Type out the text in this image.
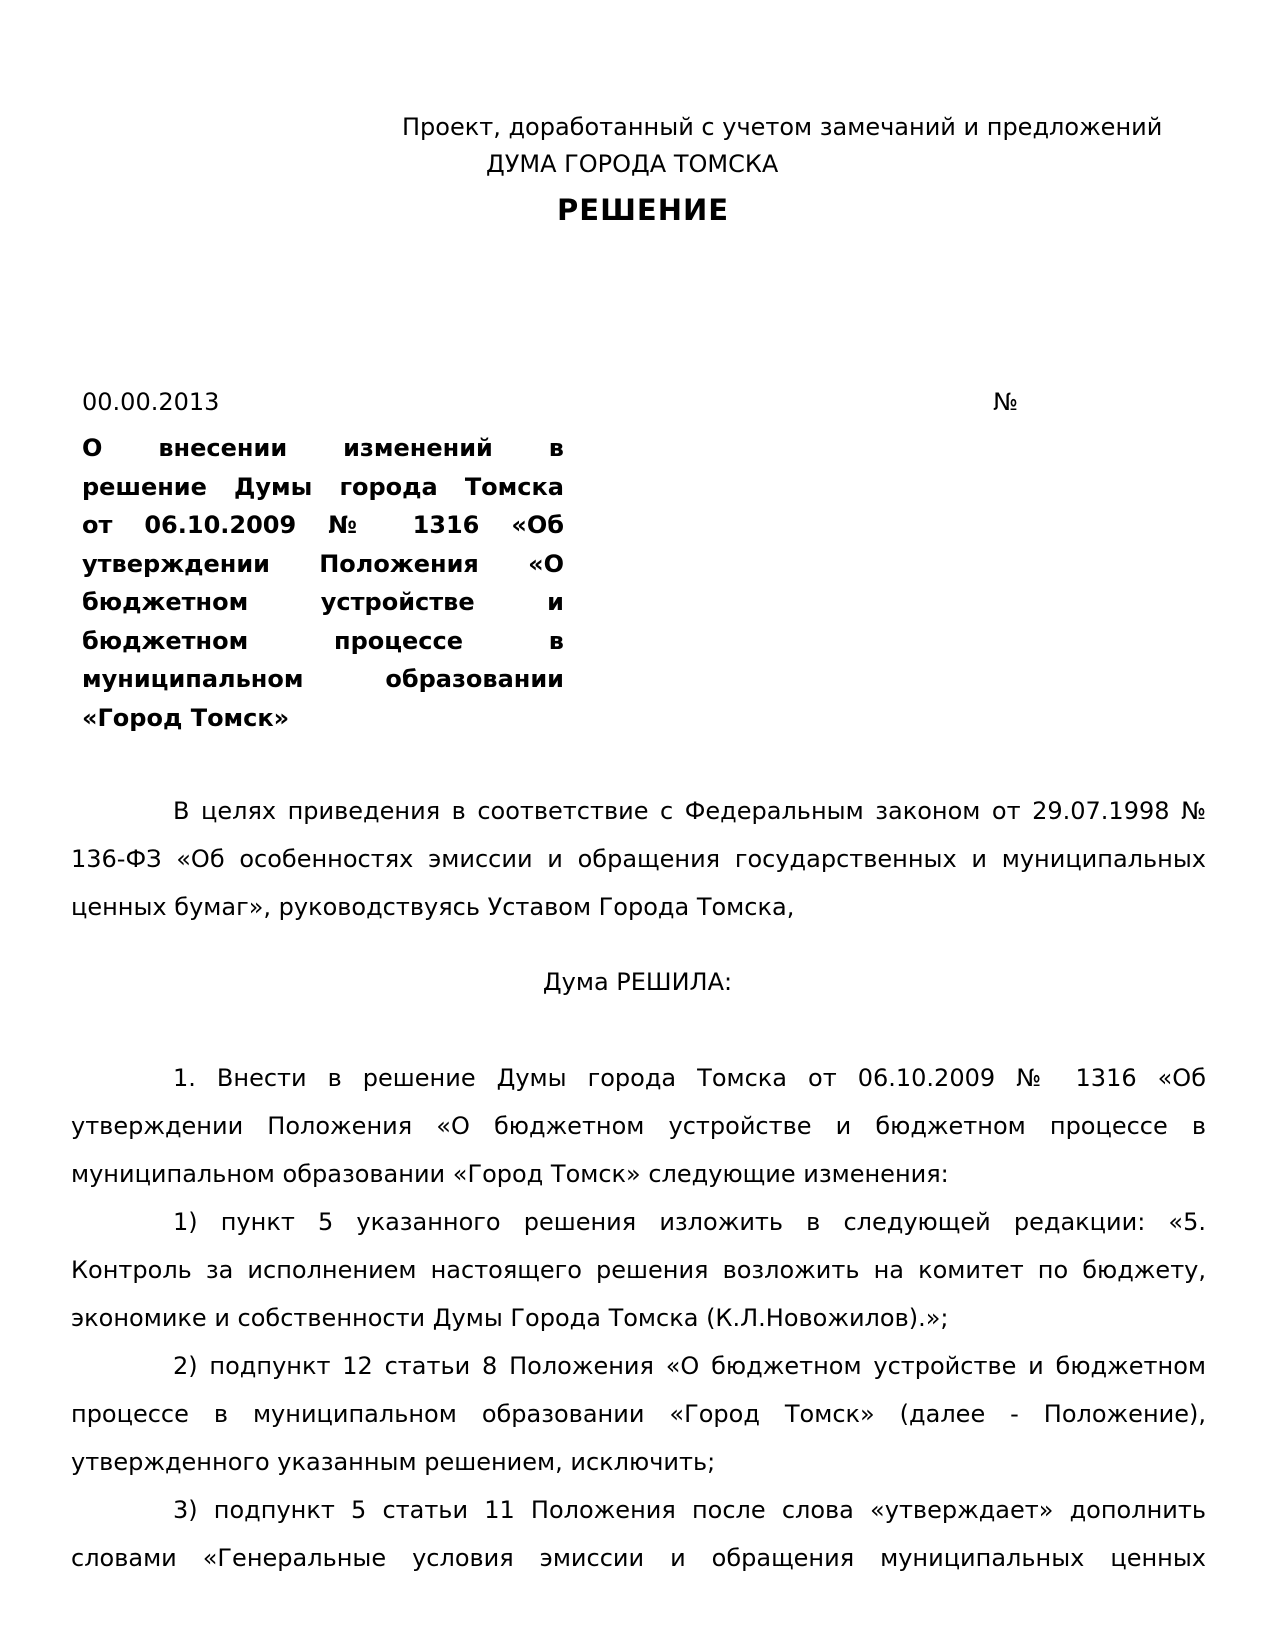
Проект, доработанный с учетом замечаний и предложений
ДУМА ГОРОДА ТОМСКА
РЕШЕНИЕ
00.00.2013	№
О внесении изменений в
решение Думы города Томска
от 06.10.2009 № 1316 «Об
утверждении Положения «О
бюджетном устройстве и
бюджетном процессе в
муниципальном образовании
«Город Томск»
В целях приведения в соответствие с Федеральным законом от 29.07.1998 №
136-ФЗ «Об особенностях эмиссии и обращения государственных и муниципальных
ценных бумаг», руководствуясь Уставом Города Томска,
Дума РЕШИЛА:
1. Внести в решение Думы города Томска от 06.10.2009 № 1316 «Об
утверждении Положения «О бюджетном устройстве и бюджетном процессе в
муниципальном образовании «Город Томск» следующие изменения:
1) пункт 5 указанного решения изложить в следующей редакции: «5.
Контроль за исполнением настоящего решения возложить на комитет по бюджету,
экономике и собственности Думы Города Томска (К.Л.Новожилов).»;
2) подпункт 12 статьи 8 Положения «О бюджетном устройстве и бюджетном
процессе в муниципальном образовании «Город Томск» (далее - Положение),
утвержденного указанным решением, исключить;
3) подпункт 5 статьи 11 Положения после слова «утверждает» дополнить
словами «Генеральные условия эмиссии и обращения муниципальных ценных
